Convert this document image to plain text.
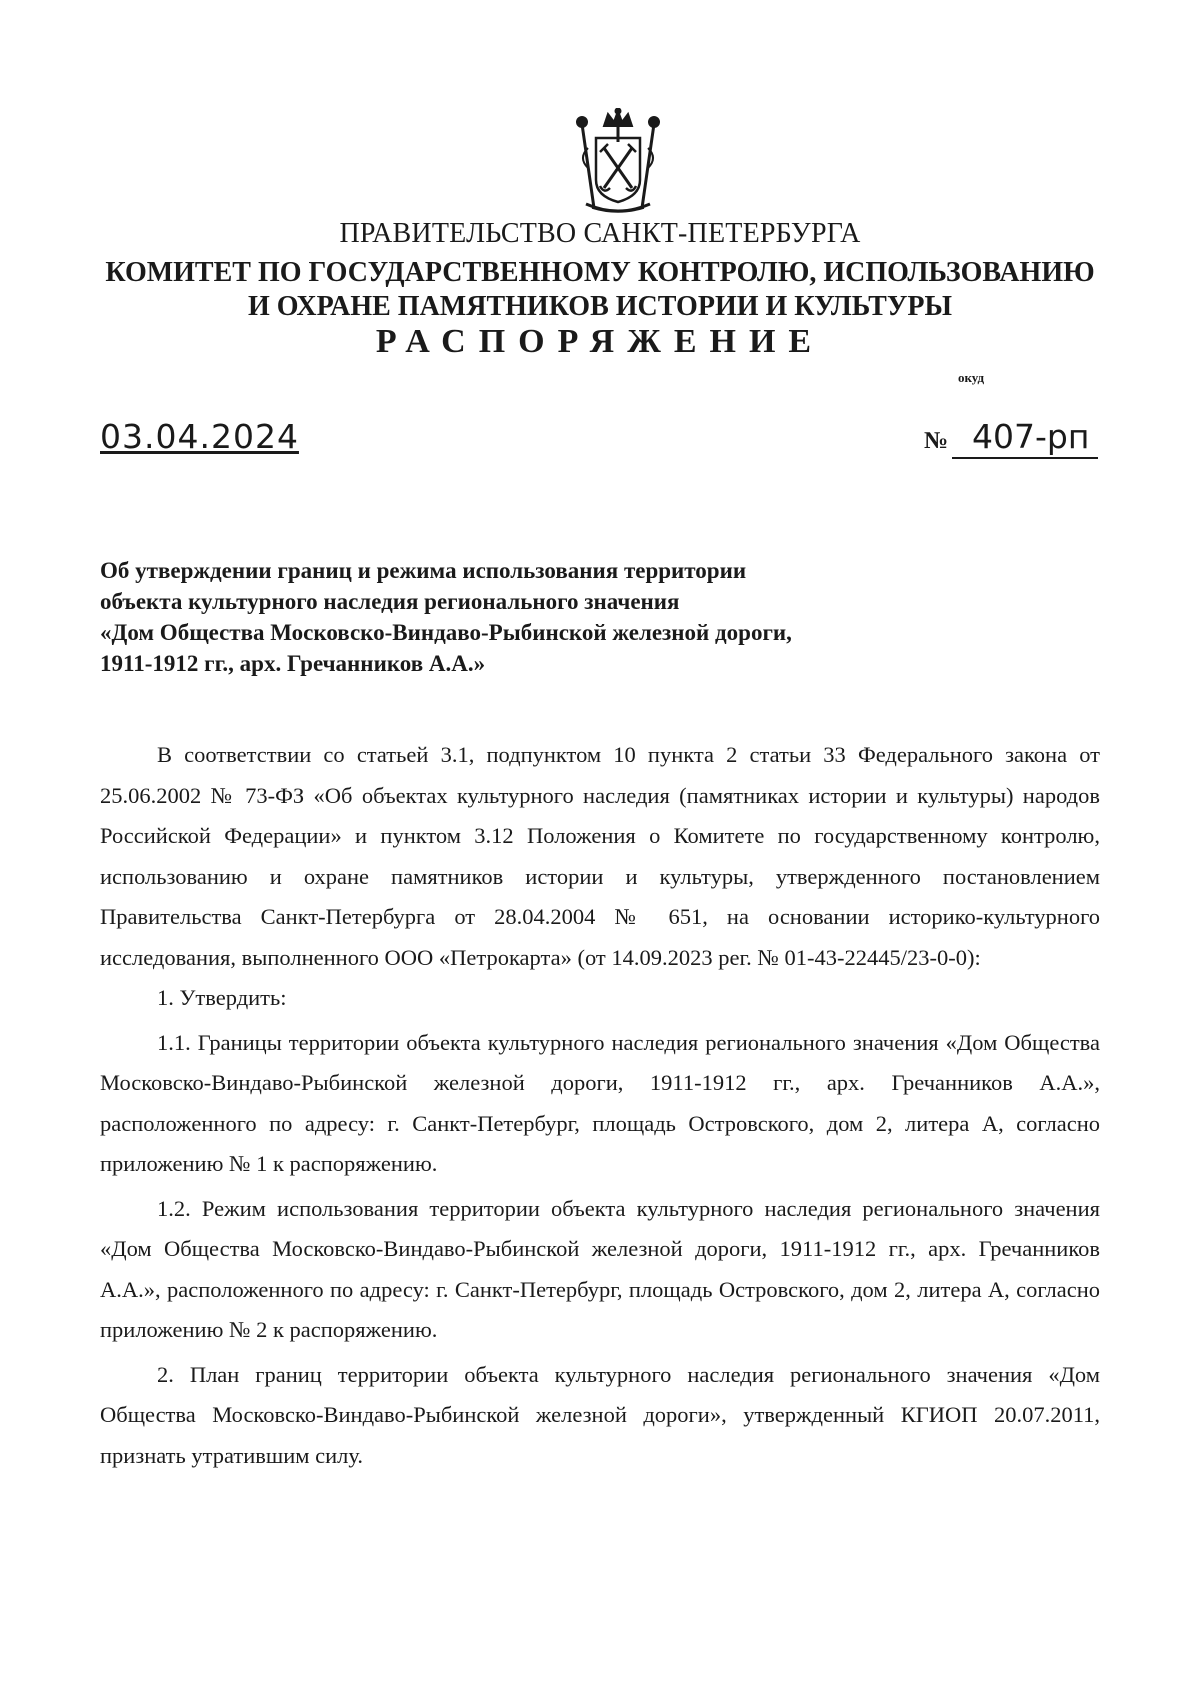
ПРАВИТЕЛЬСТВО САНКТ-ПЕТЕРБУРГА
КОМИТЕТ ПО ГОСУДАРСТВЕННОМУ КОНТРОЛЮ, ИСПОЛЬЗОВАНИЮ
И ОХРАНЕ ПАМЯТНИКОВ ИСТОРИИ И КУЛЬТУРЫ
РАСПОРЯЖЕНИЕ
окуд
03.04.2024	№ 407-рп
Об утверждении границ и режима использования территории
объекта культурного наследия регионального значения
«Дом Общества Московско-Виндаво-Рыбинской железной дороги,
1911-1912 гг., арх. Гречанников А.А.»

В соответствии со статьей 3.1, подпунктом 10 пункта 2 статьи 33 Федерального закона от 25.06.2002 № 73-ФЗ «Об объектах культурного наследия (памятниках истории и культуры) народов Российской Федерации» и пунктом 3.12 Положения о Комитете по государственному контролю, использованию и охране памятников истории и культуры, утвержденного постановлением Правительства Санкт-Петербурга от 28.04.2004 № 651, на основании историко-культурного исследования, выполненного ООО «Петрокарта» (от 14.09.2023 рег. № 01-43-22445/23-0-0):

1. Утвердить:

1.1. Границы территории объекта культурного наследия регионального значения «Дом Общества Московско-Виндаво-Рыбинской железной дороги, 1911-1912 гг., арх. Гречанников А.А.», расположенного по адресу: г. Санкт-Петербург, площадь Островского, дом 2, литера А, согласно приложению № 1 к распоряжению.

1.2. Режим использования территории объекта культурного наследия регионального значения «Дом Общества Московско-Виндаво-Рыбинской железной дороги, 1911-1912 гг., арх. Гречанников А.А.», расположенного по адресу: г. Санкт-Петербург, площадь Островского, дом 2, литера А, согласно приложению № 2 к распоряжению.

2. План границ территории объекта культурного наследия регионального значения «Дом Общества Московско-Виндаво-Рыбинской железной дороги», утвержденный КГИОП 20.07.2011, признать утратившим силу.
